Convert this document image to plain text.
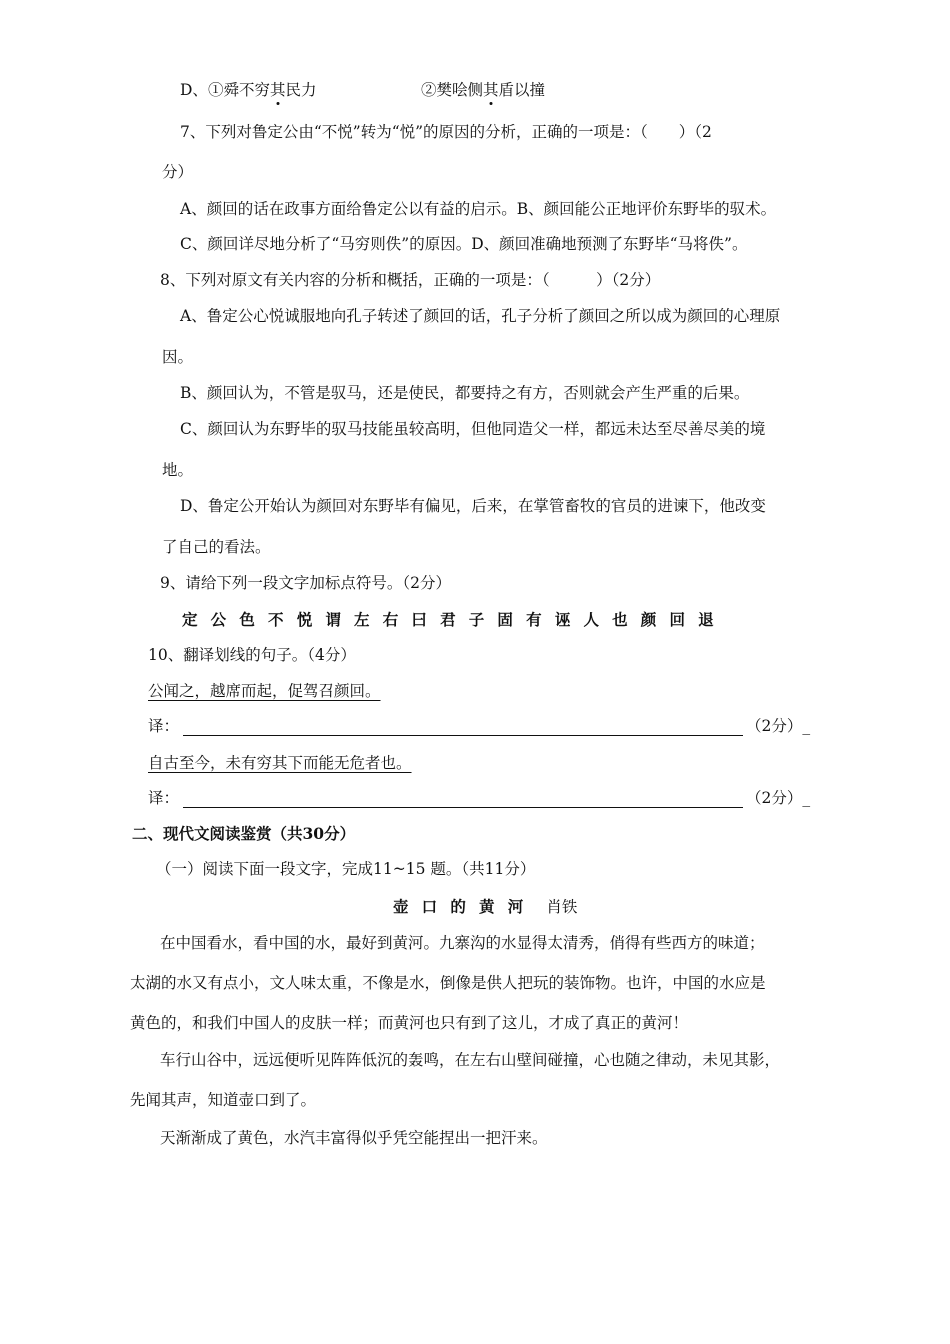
D、①舜不穷其民力	②樊哙侧其盾以撞
7、下列对鲁定公由“不悦”转为“悦”的原因的分析，正确的一项是：（　　）（2
分）
A、颜回的话在政事方面给鲁定公以有益的启示。B、颜回能公正地评价东野毕的驭术。
C、颜回详尽地分析了“马穷则佚”的原因。D、颜回准确地预测了东野毕“马将佚”。
8、下列对原文有关内容的分析和概括，正确的一项是：（　　　）（2分）
A、鲁定公心悦诚服地向孔子转述了颜回的话，孔子分析了颜回之所以成为颜回的心理原
因。
B、颜回认为，不管是驭马，还是使民，都要持之有方，否则就会产生严重的后果。
C、颜回认为东野毕的驭马技能虽较高明，但他同造父一样，都远未达至尽善尽美的境
地。
D、鲁定公开始认为颜回对东野毕有偏见，后来，在掌管畜牧的官员的进谏下，他改变
了自己的看法。
9、请给下列一段文字加标点符号。（2分）
定公色不悦谓左右曰君子固有诬人也颜回退
10、翻译划线的句子。（4分）
公闻之，越席而起，促驾召颜回。
译：	（2分）_
自古至今，未有穷其下而能无危者也。
译：	（2分）_
二、现代文阅读鉴赏（共30分）
（一）阅读下面一段文字，完成11~15 题。（共11分）
壶口的黄河 肖铁
在中国看水，看中国的水，最好到黄河。九寨沟的水显得太清秀，俏得有些西方的味道；
太湖的水又有点小，文人味太重，不像是水，倒像是供人把玩的装饰物。也许，中国的水应是
黄色的，和我们中国人的皮肤一样；而黄河也只有到了这儿，才成了真正的黄河！
车行山谷中，远远便听见阵阵低沉的轰鸣，在左右山壁间碰撞，心也随之律动，未见其影，
先闻其声，知道壶口到了。
天渐渐成了黄色，水汽丰富得似乎凭空能捏出一把汗来。
